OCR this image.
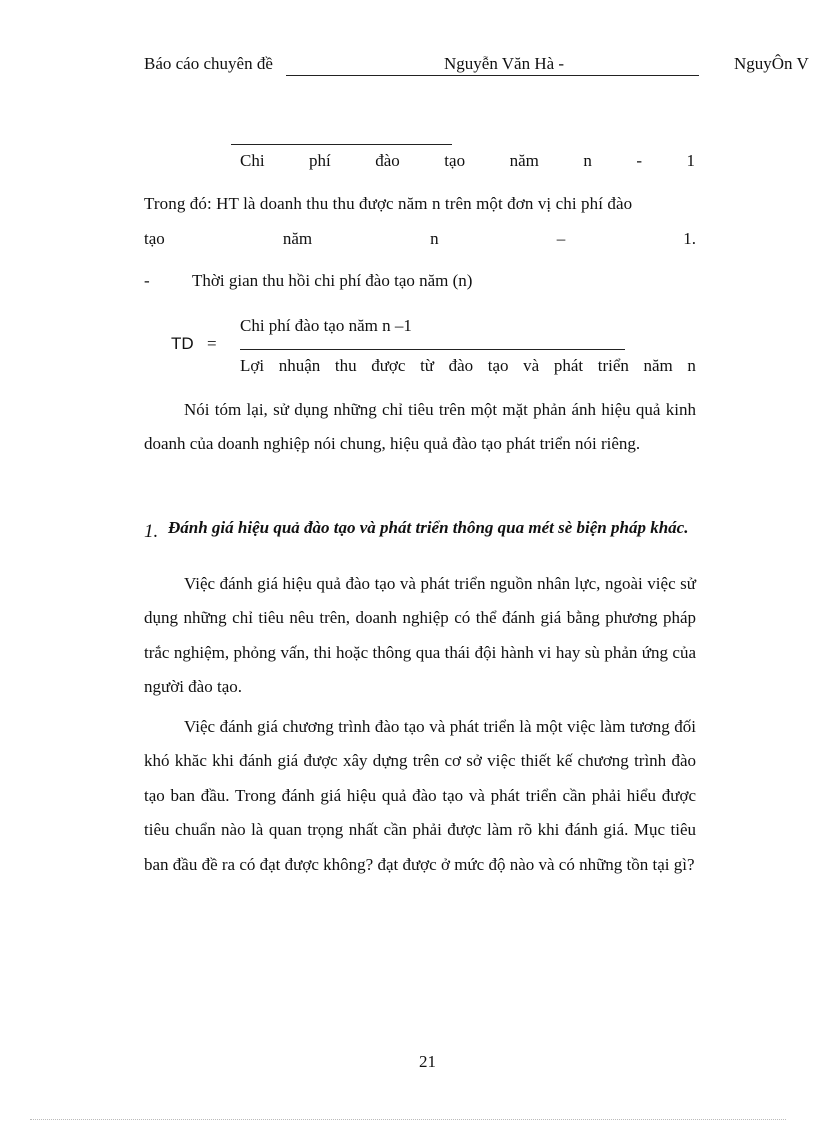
Báo cáo chuyên đề	Nguyễn Văn Hà -	NguyÔn V
Chi	phí	đào	tạo	năm	n	-	1
Trong đó: HT là doanh thu thu được năm n trên một đơn vị chi phí đào
tạo	năm	n	–	1.
- Thời gian thu hồi chi phí đào tạo năm (n)
Chi phí đào tạo năm n –1
TD =
Lợi nhuận thu được từ đào tạo và phát triển năm n
Nói tóm lại, sử dụng những chỉ tiêu trên một mặt phản ánh hiệu quả kinh doanh của doanh nghiệp nói chung, hiệu quả đào tạo phát triển nói riêng.
1. Đánh giá hiệu quả đào tạo và phát triển thông qua mét sè biện pháp khác.
Việc đánh giá hiệu quả đào tạo và phát triển nguồn nhân lực, ngoài việc sử dụng những chỉ tiêu nêu trên, doanh nghiệp có thể đánh giá bằng phương pháp trắc nghiệm, phỏng vấn, thi hoặc thông qua thái đội hành vi hay sù phản ứng của người đào tạo.
Việc đánh giá chương trình đào tạo và phát triển là một việc làm tương đối khó khăc khi đánh giá được xây dựng trên cơ sở việc thiết kế chương trình đào tạo ban đầu. Trong đánh giá hiệu quả đào tạo và phát triển cần phải hiểu được tiêu chuẩn nào là quan trọng nhất cần phải được làm rõ khi đánh giá. Mục tiêu ban đầu đề ra có đạt được không? đạt được ở mức độ nào và có những tồn tại gì?
21
